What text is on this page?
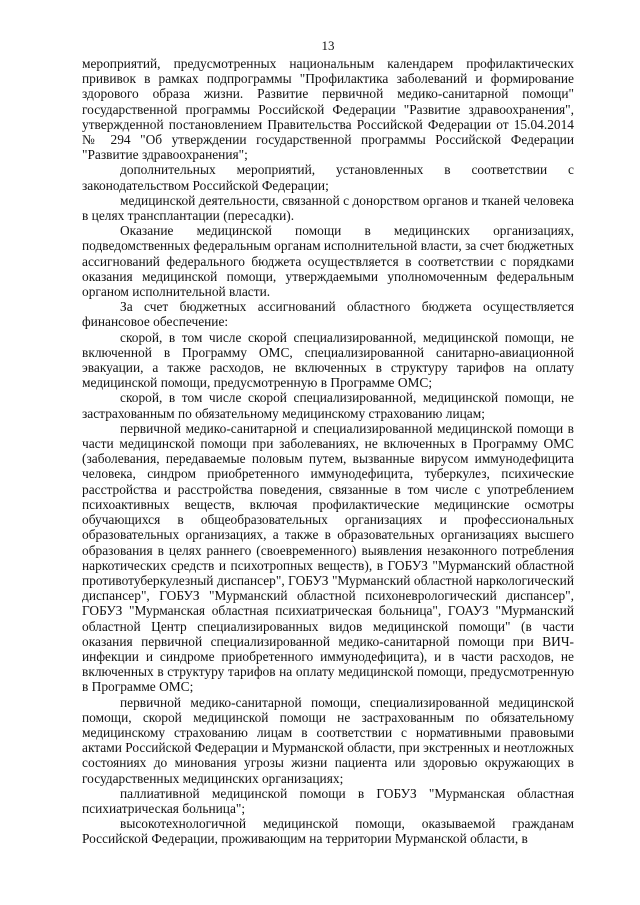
13

мероприятий, предусмотренных национальным календарем профилактических прививок в рамках подпрограммы "Профилактика заболеваний и формирование здорового образа жизни. Развитие первичной медико-санитарной помощи" государственной программы Российской Федерации "Развитие здравоохранения", утвержденной постановлением Правительства Российской Федерации от 15.04.2014 № 294 "Об утверждении государственной программы Российской Федерации "Развитие здравоохранения";

дополнительных мероприятий, установленных в соответствии с законодательством Российской Федерации;

медицинской деятельности, связанной с донорством органов и тканей человека в целях трансплантации (пересадки).

Оказание медицинской помощи в медицинских организациях, подведомственных федеральным органам исполнительной власти, за счет бюджетных ассигнований федерального бюджета осуществляется в соответствии с порядками оказания медицинской помощи, утверждаемыми уполномоченным федеральным органом исполнительной власти.

За счет бюджетных ассигнований областного бюджета осуществляется финансовое обеспечение:

скорой, в том числе скорой специализированной, медицинской помощи, не включенной в Программу ОМС, специализированной санитарно-авиационной эвакуации, а также расходов, не включенных в структуру тарифов на оплату медицинской помощи, предусмотренную в Программе ОМС;

скорой, в том числе скорой специализированной, медицинской помощи, не застрахованным по обязательному медицинскому страхованию лицам;

первичной медико-санитарной и специализированной медицинской помощи в части медицинской помощи при заболеваниях, не включенных в Программу ОМС (заболевания, передаваемые половым путем, вызванные вирусом иммунодефицита человека, синдром приобретенного иммунодефицита, туберкулез, психические расстройства и расстройства поведения, связанные в том числе с употреблением психоактивных веществ, включая профилактические медицинские осмотры обучающихся в общеобразовательных организациях и профессиональных образовательных организациях, а также в образовательных организациях высшего образования в целях раннего (своевременного) выявления незаконного потребления наркотических средств и психотропных веществ), в ГОБУЗ "Мурманский областной противотуберкулезный диспансер", ГОБУЗ "Мурманский областной наркологический диспансер", ГОБУЗ "Мурманский областной психоневрологический диспансер", ГОБУЗ "Мурманская областная психиатрическая больница", ГОАУЗ "Мурманский областной Центр специализированных видов медицинской помощи" (в части оказания первичной специализированной медико-санитарной помощи при ВИЧ-инфекции и синдроме приобретенного иммунодефицита), и в части расходов, не включенных в структуру тарифов на оплату медицинской помощи, предусмотренную в Программе ОМС;

первичной медико-санитарной помощи, специализированной медицинской помощи, скорой медицинской помощи не застрахованным по обязательному медицинскому страхованию лицам в соответствии с нормативными правовыми актами Российской Федерации и Мурманской области, при экстренных и неотложных состояниях до минования угрозы жизни пациента или здоровью окружающих в государственных медицинских организациях;

паллиативной медицинской помощи в ГОБУЗ "Мурманская областная психиатрическая больница";

высокотехнологичной медицинской помощи, оказываемой гражданам Российской Федерации, проживающим на территории Мурманской области, в
